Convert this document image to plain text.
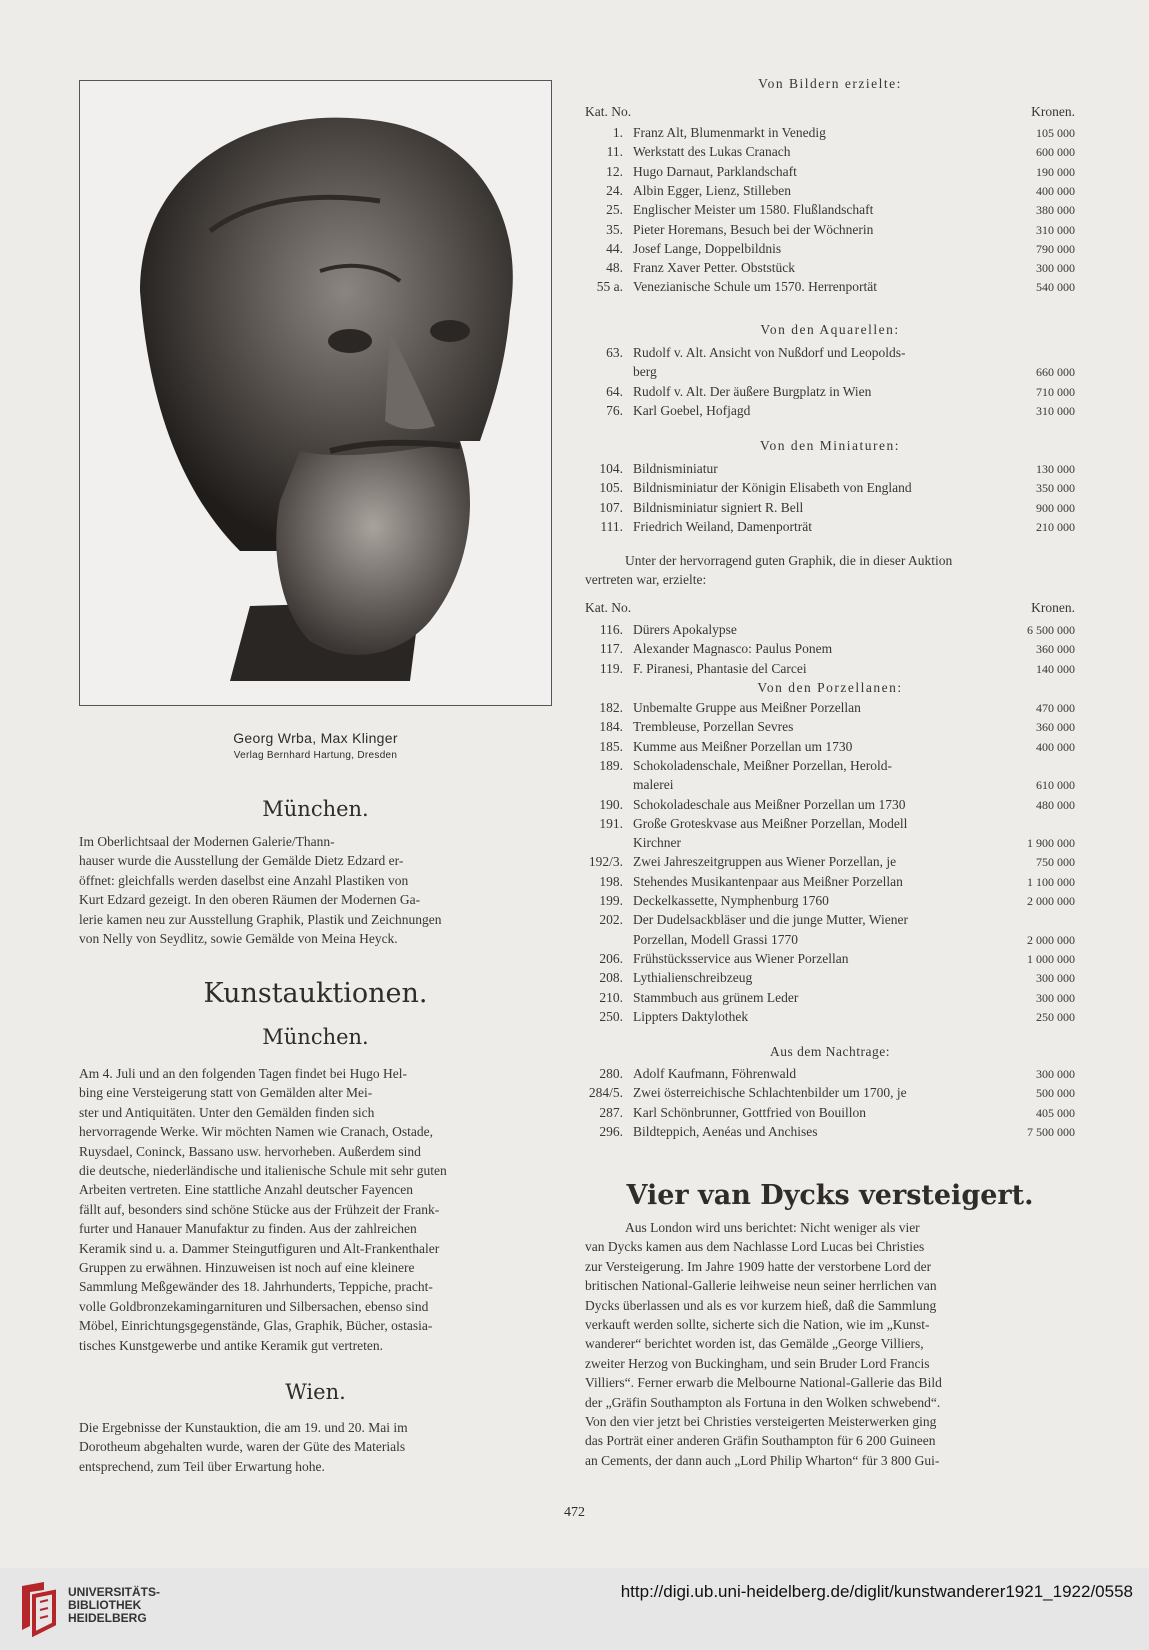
Georg Wrba, Max Klinger
Verlag Bernhard Hartung, Dresden
München.
Im Oberlichtsaal der Modernen Galerie/Thann-
hauser wurde die Ausstellung der Gemälde Dietz Edzard er-
öffnet: gleichfalls werden daselbst eine Anzahl Plastiken von
Kurt Edzard gezeigt. In den oberen Räumen der Modernen Ga-
lerie kamen neu zur Ausstellung Graphik, Plastik und Zeichnungen
von Nelly von Seydlitz, sowie Gemälde von Meina Heyck.
Kunstauktionen.
München.
Am 4. Juli und an den folgenden Tagen findet bei Hugo Hel-
bing eine Versteigerung statt von Gemälden alter Mei-
ster und Antiquitäten. Unter den Gemälden finden sich
hervorragende Werke. Wir möchten Namen wie Cranach, Ostade,
Ruysdael, Coninck, Bassano usw. hervorheben. Außerdem sind
die deutsche, niederländische und italienische Schule mit sehr guten
Arbeiten vertreten. Eine stattliche Anzahl deutscher Fayencen
fällt auf, besonders sind schöne Stücke aus der Frühzeit der Frank-
furter und Hanauer Manufaktur zu finden. Aus der zahlreichen
Keramik sind u. a. Dammer Steingutfiguren und Alt-Frankenthaler
Gruppen zu erwähnen. Hinzuweisen ist noch auf eine kleinere
Sammlung Meßgewänder des 18. Jahrhunderts, Teppiche, pracht-
volle Goldbronzekamingarnituren und Silbersachen, ebenso sind
Möbel, Einrichtungsgegenstände, Glas, Graphik, Bücher, ostasia-
tisches Kunstgewerbe und antike Keramik gut vertreten.
Wien.
Die Ergebnisse der Kunstauktion, die am 19. und 20. Mai im
Dorotheum abgehalten wurde, waren der Güte des Materials
entsprechend, zum Teil über Erwartung hohe.
Von Bildern erzielte:
Kat. No.	Kronen.
1. Franz Alt, Blumenmarkt in Venedig	105 000
11. Werkstatt des Lukas Cranach	600 000
12. Hugo Darnaut, Parklandschaft	190 000
24. Albin Egger, Lienz, Stilleben	400 000
25. Englischer Meister um 1580. Flußlandschaft	380 000
35. Pieter Horemans, Besuch bei der Wöchnerin	310 000
44. Josef Lange, Doppelbildnis	790 000
48. Franz Xaver Petter. Obststück	300 000
55 a. Venezianische Schule um 1570. Herrenportät	540 000
Von den Aquarellen:
63. Rudolf v. Alt. Ansicht von Nußdorf und Leopolds-
berg	660 000
64. Rudolf v. Alt. Der äußere Burgplatz in Wien	710 000
76. Karl Goebel, Hofjagd	310 000
Von den Miniaturen:
104. Bildnisminiatur	130 000
105. Bildnisminiatur der Königin Elisabeth von England	350 000
107. Bildnisminiatur signiert R. Bell	900 000
111. Friedrich Weiland, Damenporträt	210 000
Unter der hervorragend guten Graphik, die in dieser Auktion
vertreten war, erzielte:
Kat. No.	Kronen.
116. Dürers Apokalypse	6 500 000
117. Alexander Magnasco: Paulus Ponem	360 000
119. F. Piranesi, Phantasie del Carcei	140 000
Von den Porzellanen:
182. Unbemalte Gruppe aus Meißner Porzellan	470 000
184. Trembleuse, Porzellan Sevres	360 000
185. Kumme aus Meißner Porzellan um 1730	400 000
189. Schokoladenschale, Meißner Porzellan, Herold-
malerei	610 000
190. Schokoladeschale aus Meißner Porzellan um 1730	480 000
191. Große Groteskvase aus Meißner Porzellan, Modell
Kirchner	1 900 000
192/3. Zwei Jahreszeitgruppen aus Wiener Porzellan, je	750 000
198. Stehendes Musikantenpaar aus Meißner Porzellan	1 100 000
199. Deckelkassette, Nymphenburg 1760	2 000 000
202. Der Dudelsackbläser und die junge Mutter, Wiener
Porzellan, Modell Grassi 1770	2 000 000
206. Frühstücksservice aus Wiener Porzellan	1 000 000
208. Lythialienschreibzeug	300 000
210. Stammbuch aus grünem Leder	300 000
250. Lippters Daktylothek	250 000
Aus dem Nachtrage:
280. Adolf Kaufmann, Föhrenwald	300 000
284/5. Zwei österreichische Schlachtenbilder um 1700, je	500 000
287. Karl Schönbrunner, Gottfried von Bouillon	405 000
296. Bildteppich, Aenéas und Anchises	7 500 000
Vier van Dycks versteigert.
Aus London wird uns berichtet: Nicht weniger als vier
van Dycks kamen aus dem Nachlasse Lord Lucas bei Christies
zur Versteigerung. Im Jahre 1909 hatte der verstorbene Lord der
britischen National-Gallerie leihweise neun seiner herrlichen van
Dycks überlassen und als es vor kurzem hieß, daß die Sammlung
verkauft werden sollte, sicherte sich die Nation, wie im „Kunst-
wanderer“ berichtet worden ist, das Gemälde „George Villiers,
zweiter Herzog von Buckingham, und sein Bruder Lord Francis
Villiers“. Ferner erwarb die Melbourne National-Gallerie das Bild
der „Gräfin Southampton als Fortuna in den Wolken schwebend“.
Von den vier jetzt bei Christies versteigerten Meisterwerken ging
das Porträt einer anderen Gräfin Southampton für 6 200 Guineen
an Cements, der dann auch „Lord Philip Wharton“ für 3 800 Gui-
472
UNIVERSITÄTS-
BIBLIOTHEK
HEIDELBERG
http://digi.ub.uni-heidelberg.de/diglit/kunstwanderer1921_1922/0558
